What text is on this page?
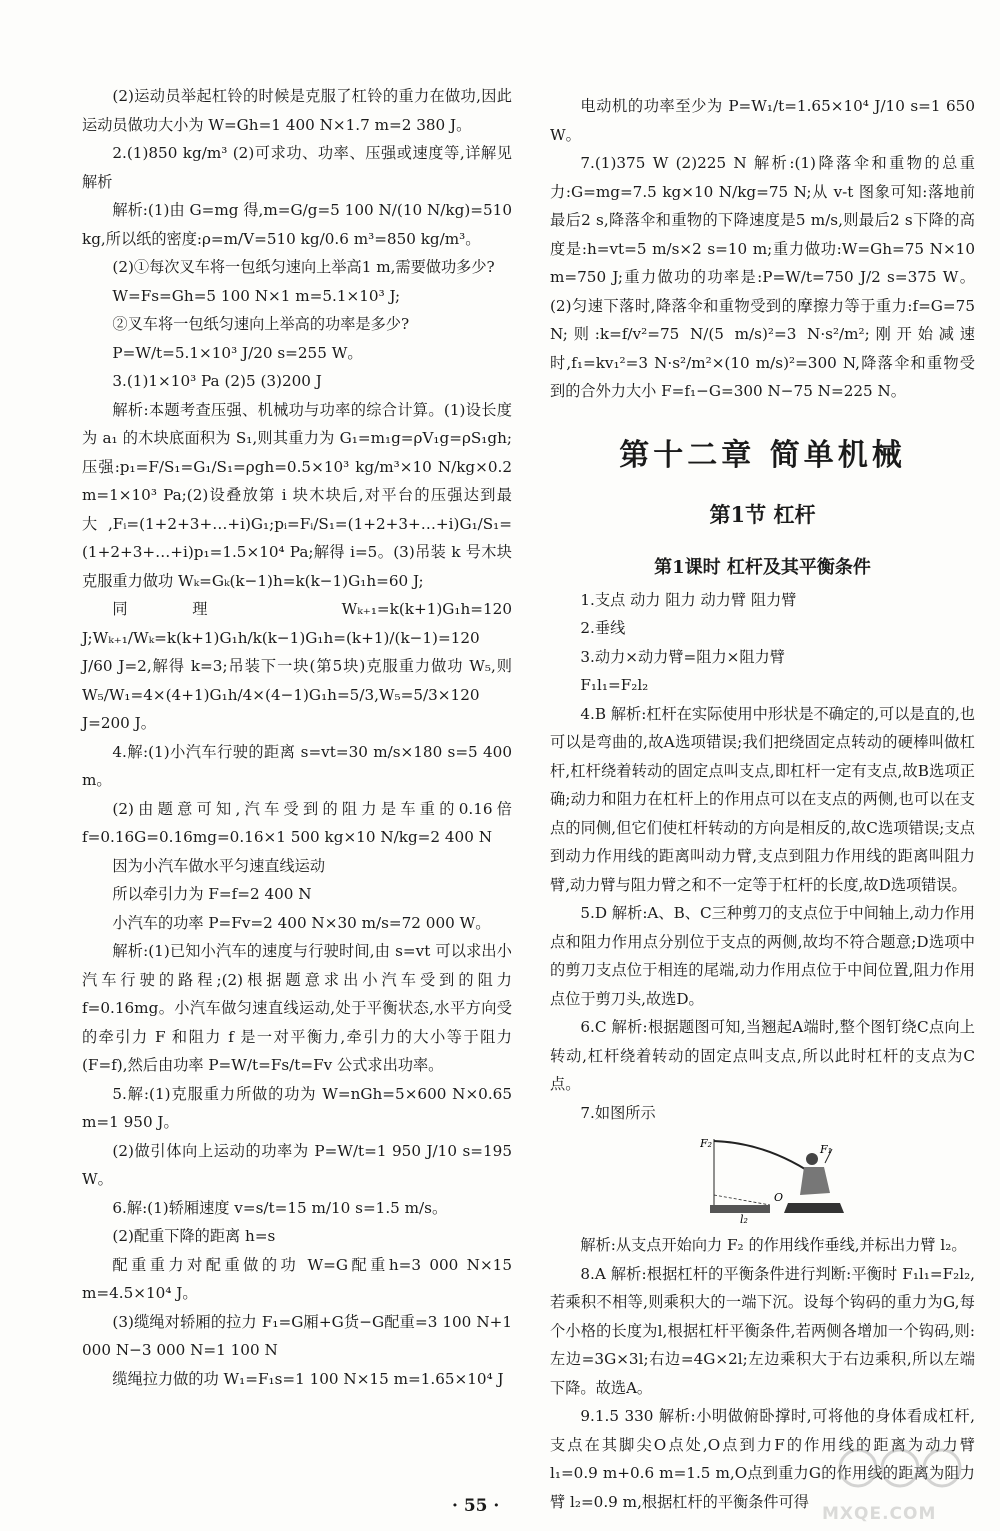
(2)运动员举起杠铃的时候是克服了杠铃的重力在做功,因此运动员做功大小为 W=Gh=1 400 N×1.7 m=2 380 J。

2.(1)850 kg/m³ (2)可求功、功率、压强或速度等,详解见解析

解析:(1)由 G=mg 得,m=G/g=5 100 N/(10 N/kg)=510 kg,所以纸的密度:ρ=m/V=510 kg/0.6 m³=850 kg/m³。

(2)①每次叉车将一包纸匀速向上举高1 m,需要做功多少?

W=Fs=Gh=5 100 N×1 m=5.1×10³ J;

②叉车将一包纸匀速向上举高的功率是多少?

P=W/t=5.1×10³ J/20 s=255 W。

3.(1)1×10³ Pa (2)5 (3)200 J

解析:本题考查压强、机械功与功率的综合计算。(1)设长度为 a₁ 的木块底面积为 S₁,则其重力为 G₁=m₁g=ρV₁g=ρS₁gh;压强:p₁=F/S₁=G₁/S₁=ρgh=0.5×10³ kg/m³×10 N/kg×0.2 m=1×10³ Pa;(2)设叠放第 i 块木块后,对平台的压强达到最大,Fᵢ=(1+2+3+…+i)G₁;pᵢ=Fᵢ/S₁=(1+2+3+…+i)G₁/S₁=(1+2+3+…+i)p₁=1.5×10⁴ Pa;解得 i=5。(3)吊装 k 号木块克服重力做功 Wₖ=Gₖ(k−1)h=k(k−1)G₁h=60 J;

同理 Wₖ₊₁=k(k+1)G₁h=120 J;Wₖ₊₁/Wₖ=k(k+1)G₁h/k(k−1)G₁h=(k+1)/(k−1)=120 J/60 J=2,解得 k=3;吊装下一块(第5块)克服重力做功 W₅,则 W₅/W₁=4×(4+1)G₁h/4×(4−1)G₁h=5/3,W₅=5/3×120 J=200 J。

4.解:(1)小汽车行驶的距离 s=vt=30 m/s×180 s=5 400 m。

(2)由题意可知,汽车受到的阻力是车重的0.16倍 f=0.16G=0.16mg=0.16×1 500 kg×10 N/kg=2 400 N

因为小汽车做水平匀速直线运动

所以牵引力为 F=f=2 400 N

小汽车的功率 P=Fv=2 400 N×30 m/s=72 000 W。

解析:(1)已知小汽车的速度与行驶时间,由 s=vt 可以求出小汽车行驶的路程;(2)根据题意求出小汽车受到的阻力 f=0.16mg。小汽车做匀速直线运动,处于平衡状态,水平方向受的牵引力 F 和阻力 f 是一对平衡力,牵引力的大小等于阻力(F=f),然后由功率 P=W/t=Fs/t=Fv 公式求出功率。

5.解:(1)克服重力所做的功为 W=nGh=5×600 N×0.65 m=1 950 J。

(2)做引体向上运动的功率为 P=W/t=1 950 J/10 s=195 W。

6.解:(1)轿厢速度 v=s/t=15 m/10 s=1.5 m/s。

(2)配重下降的距离 h=s

配重重力对配重做的功 W=G配重h=3 000 N×15 m=4.5×10⁴ J。

(3)缆绳对轿厢的拉力 F₁=G厢+G货−G配重=3 100 N+1 000 N−3 000 N=1 100 N

缆绳拉力做的功 W₁=F₁s=1 100 N×15 m=1.65×10⁴ J

电动机的功率至少为 P=W₁/t=1.65×10⁴ J/10 s=1 650 W。

7.(1)375 W (2)225 N 解析:(1)降落伞和重物的总重力:G=mg=7.5 kg×10 N/kg=75 N;从 v-t 图象可知:落地前最后2 s,降落伞和重物的下降速度是5 m/s,则最后2 s下降的高度是:h=vt=5 m/s×2 s=10 m;重力做功:W=Gh=75 N×10 m=750 J;重力做功的功率是:P=W/t=750 J/2 s=375 W。(2)匀速下落时,降落伞和重物受到的摩擦力等于重力:f=G=75 N;则:k=f/v²=75 N/(5 m/s)²=3 N·s²/m²;刚开始减速时,f₁=kv₁²=3 N·s²/m²×(10 m/s)²=300 N,降落伞和重物受到的合外力大小 F=f₁−G=300 N−75 N=225 N。

第十二章 简单机械
第1节 杠杆
第1课时 杠杆及其平衡条件

1.支点 动力 阻力 动力臂 阻力臂

2.垂线

3.动力×动力臂=阻力×阻力臂

F₁l₁=F₂l₂

4.B 解析:杠杆在实际使用中形状是不确定的,可以是直的,也可以是弯曲的,故A选项错误;我们把绕固定点转动的硬棒叫做杠杆,杠杆绕着转动的固定点叫支点,即杠杆一定有支点,故B选项正确;动力和阻力在杠杆上的作用点可以在支点的两侧,也可以在支点的同侧,但它们使杠杆转动的方向是相反的,故C选项错误;支点到动力作用线的距离叫动力臂,支点到阻力作用线的距离叫阻力臂,动力臂与阻力臂之和不一定等于杠杆的长度,故D选项错误。

5.D 解析:A、B、C三种剪刀的支点位于中间轴上,动力作用点和阻力作用点分别位于支点的两侧,故均不符合题意;D选项中的剪刀支点位于相连的尾端,动力作用点位于中间位置,阻力作用点位于剪刀头,故选D。

6.C 解析:根据题图可知,当翘起A端时,整个图钉绕C点向上转动,杠杆绕着转动的固定点叫支点,所以此时杠杆的支点为C点。

7.如图所示

F₂	F₁
O
l₂

解析:从支点开始向力 F₂ 的作用线作垂线,并标出力臂 l₂。

8.A 解析:根据杠杆的平衡条件进行判断:平衡时 F₁l₁=F₂l₂,若乘积不相等,则乘积大的一端下沉。设每个钩码的重力为G,每个小格的长度为l,根据杠杆平衡条件,若两侧各增加一个钩码,则:左边=3G×3l;右边=4G×2l;左边乘积大于右边乘积,所以左端下降。故选A。

9.1.5 330 解析:小明做俯卧撑时,可将他的身体看成杠杆,支点在其脚尖O点处,O点到力F的作用线的距离为动力臂 l₁=0.9 m+0.6 m=1.5 m,O点到重力G的作用线的距离为阻力臂 l₂=0.9 m,根据杠杆的平衡条件可得

· 55 ·	MXQE.COM
